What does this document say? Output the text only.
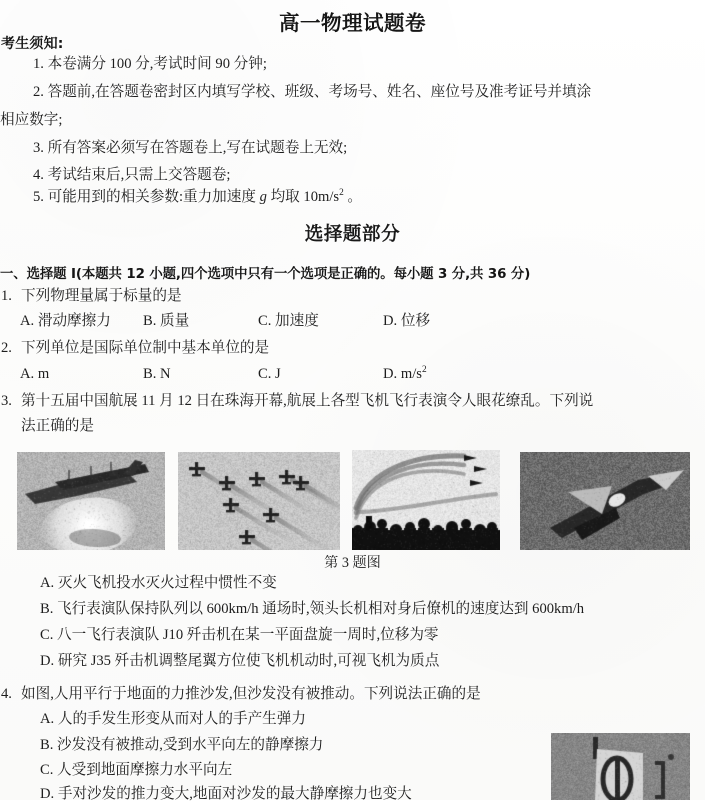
高一物理试题卷
考生须知:
1. 本卷满分 100 分,考试时间 90 分钟;
2. 答题前,在答题卷密封区内填写学校、班级、考场号、姓名、座位号及准考证号并填涂
相应数字;
3. 所有答案必须写在答题卷上,写在试题卷上无效;
4. 考试结束后,只需上交答题卷;
5. 可能用到的相关参数:重力加速度 g 均取 $10m/s^2$ 。
选择题部分
一、选择题 I(本题共 12 小题,四个选项中只有一个选项是正确的。每小题 3 分,共 36 分)
1. 下列物理量属于标量的是
A. 滑动摩擦力 B. 质量	C. 加速度	D. 位移
2. 下列单位是国际单位制中基本单位的是
A. m	B. N	C. J	D. $m/s^2$
3. 第十五届中国航展 11 月 12 日在珠海开幕,航展上各型飞机飞行表演令人眼花缭乱。下列说
法正确的是
第 3 题图
A. 灭火飞机投水灭火过程中惯性不变
B. 飞行表演队保持队列以 600km/h 通场时,领头长机相对身后僚机的速度达到 600km/h
C. 八一飞行表演队 J10 歼击机在某一平面盘旋一周时,位移为零
D. 研究 J35 歼击机调整尾翼方位使飞机机动时,可视飞机为质点
4. 如图,人用平行于地面的力推沙发,但沙发没有被推动。下列说法正确的是
A. 人的手发生形变从而对人的手产生弹力
B. 沙发没有被推动,受到水平向左的静摩擦力
C. 人受到地面摩擦力水平向左
D. 手对沙发的推力变大,地面对沙发的最大静摩擦力也变大
